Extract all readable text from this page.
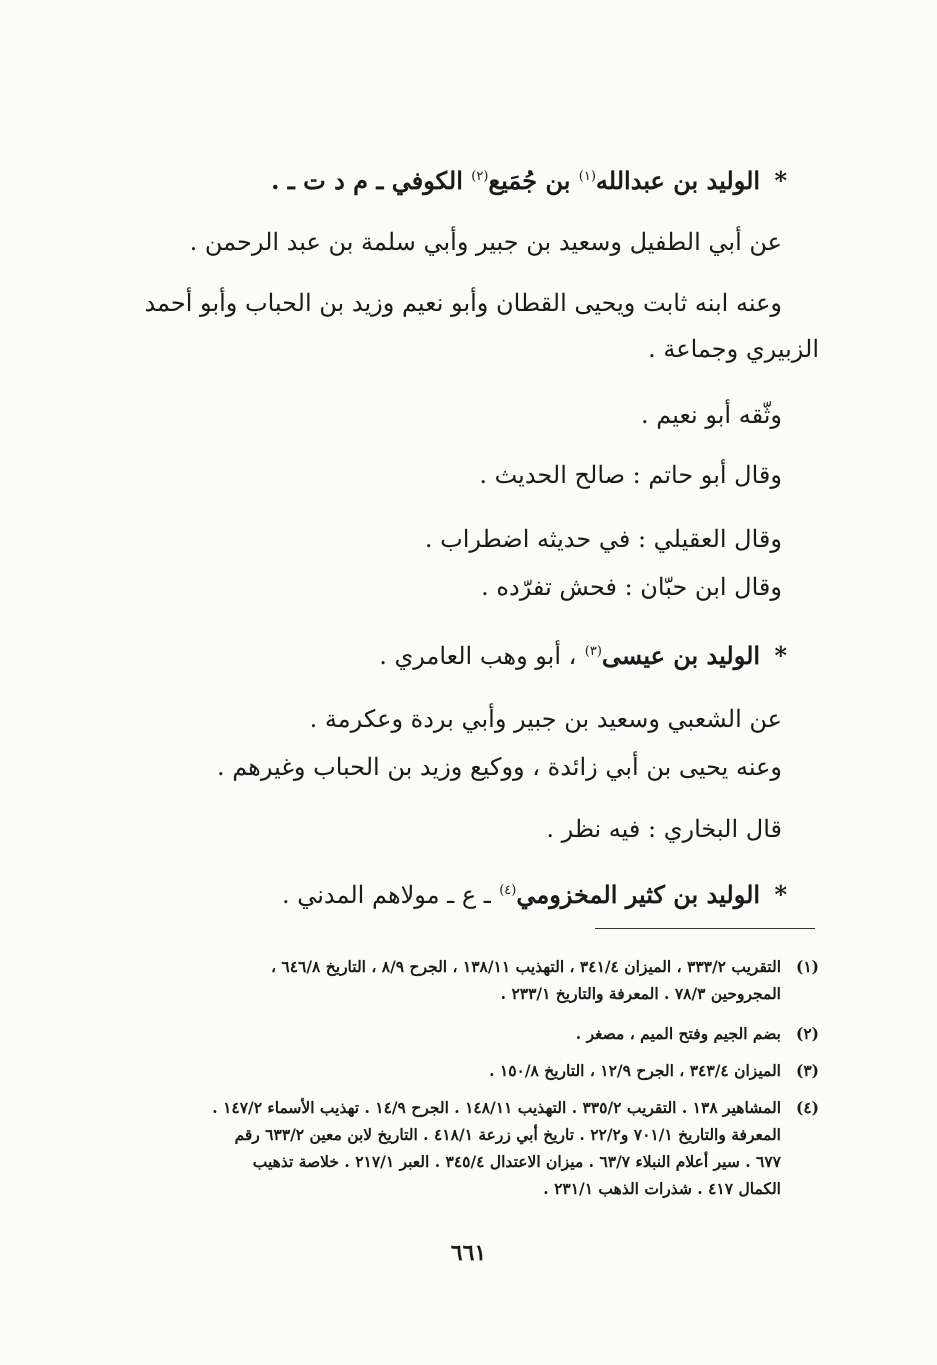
* الوليد بن عبدالله$^{(١)}$ بن جُمَيع$^{(٢)}$ الكوفي ـ م د ت ـ .
عن أبي الطفيل وسعيد بن جبير وأبي سلمة بن عبد الرحمن .
وعنه ابنه ثابت ويحيى القطان وأبو نعيم وزيد بن الحباب وأبو أحمد
الزبيري وجماعة .
وثّقه أبو نعيم .
وقال أبو حاتم : صالح الحديث .
وقال العقيلي : في حديثه اضطراب .
وقال ابن حبّان : فحش تفرّده .
* الوليد بن عيسى$^{(٣)}$ ، أبو وهب العامري .
عن الشعبي وسعيد بن جبير وأبي بردة وعكرمة .
وعنه يحيى بن أبي زائدة ، ووكيع وزيد بن الحباب وغيرهم .
قال البخاري : فيه نظر .
* الوليد بن كثير المخزومي$^{(٤)}$ ـ ع ـ مولاهم المدني .
(١)التقريب ٣٣٣/٢ ، الميزان ٣٤١/٤ ، التهذيب ١٣٨/١١ ، الجرح ٨/٩ ، التاريخ ٦٤٦/٨ ،
المجروحين ٧٨/٣ . المعرفة والتاريخ ٢٣٣/١ .
(٢)بضم الجيم وفتح الميم ، مصغر .
(٣)الميزان ٣٤٣/٤ ، الجرح ١٢/٩ ، التاريخ ١٥٠/٨ .
(٤)المشاهير ١٣٨ . التقريب ٣٣٥/٢ . التهذيب ١٤٨/١١ . الجرح ١٤/٩ . تهذيب الأسماء ١٤٧/٢ .
المعرفة والتاريخ ٧٠١/١ و٢٢/٢ . تاريخ أبي زرعة ٤١٨/١ . التاريخ لابن معين ٦٣٣/٢ رقم
٦٧٧ . سير أعلام النبلاء ٦٣/٧ . ميزان الاعتدال ٣٤٥/٤ . العبر ٢١٧/١ . خلاصة تذهيب
الكمال ٤١٧ . شذرات الذهب ٢٣١/١ .
٦٦١
